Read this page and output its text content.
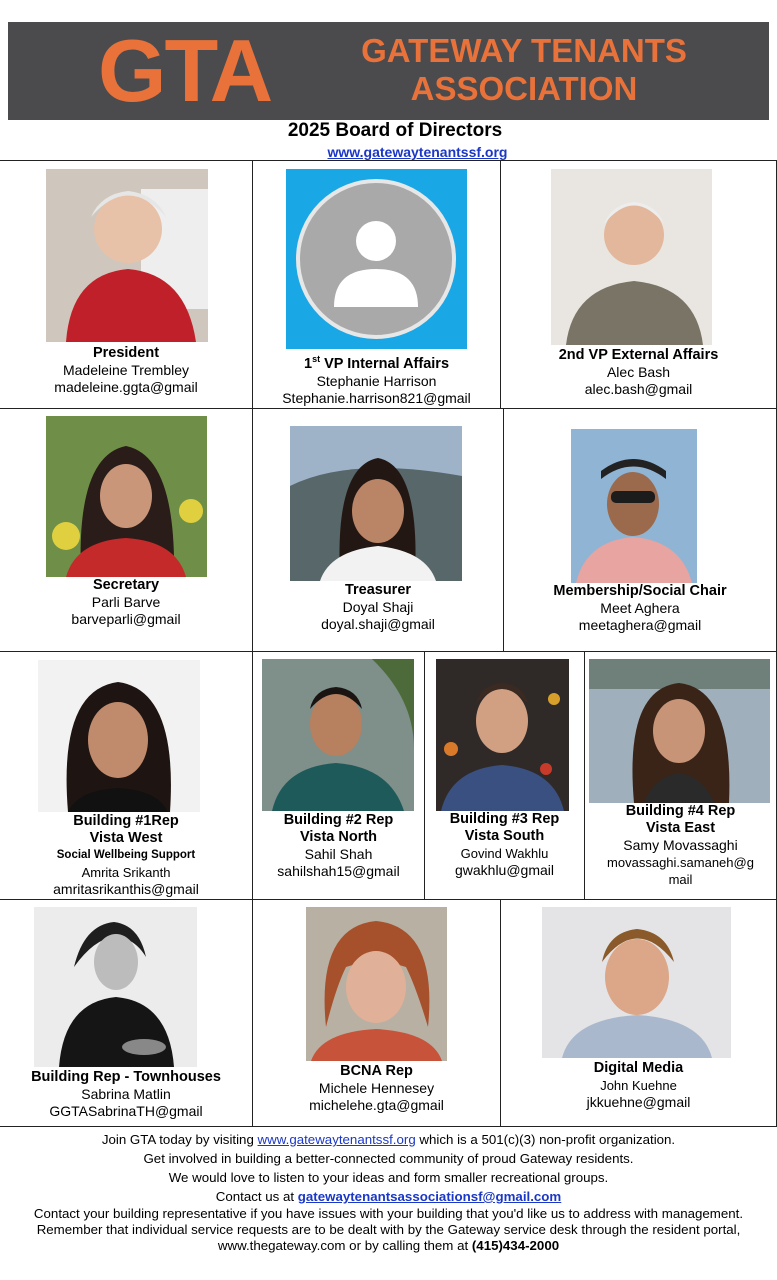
GTA	GATEWAY TENANTS
ASSOCIATION
2025 Board of Directors
www.gatewaytenantssf.org
President
Madeleine Trembley
madeleine.ggta@gmail
1st VP Internal Affairs
Stephanie Harrison
Stephanie.harrison821@gmail
2nd VP External Affairs
Alec Bash
alec.bash@gmail
Secretary
Parli Barve
barveparli@gmail
Treasurer
Doyal Shaji
doyal.shaji@gmail
Membership/Social Chair
Meet Aghera
meetaghera@gmail
Building #1Rep
Vista West
Social Wellbeing Support
Amrita Srikanth
amritasrikanthis@gmail
Building #2 Rep
Vista North
Sahil Shah
sahilshah15@gmail
Building #3 Rep
Vista South
Govind Wakhlu
gwakhlu@gmail
Building #4 Rep
Vista East
Samy Movassaghi
movassaghi.samaneh@g
mail
Building Rep - Townhouses
Sabrina Matlin
GGTASabrinaTH@gmail
BCNA Rep
Michele Hennesey
michelehe.gta@gmail
Digital Media
John Kuehne
jkkuehne@gmail
Join GTA today by visiting www.gatewaytenantssf.org which is a 501(c)(3) non-profit organization.
Get involved in building a better-connected community of proud Gateway residents.
We would love to listen to your ideas and form smaller recreational groups.
Contact us at gatewaytenantsassociationsf@gmail.com
Contact your building representative if you have issues with your building that you'd like us to address with management.
Remember that individual service requests are to be dealt with by the Gateway service desk through the resident portal,
www.thegateway.com or by calling them at (415)434-2000
